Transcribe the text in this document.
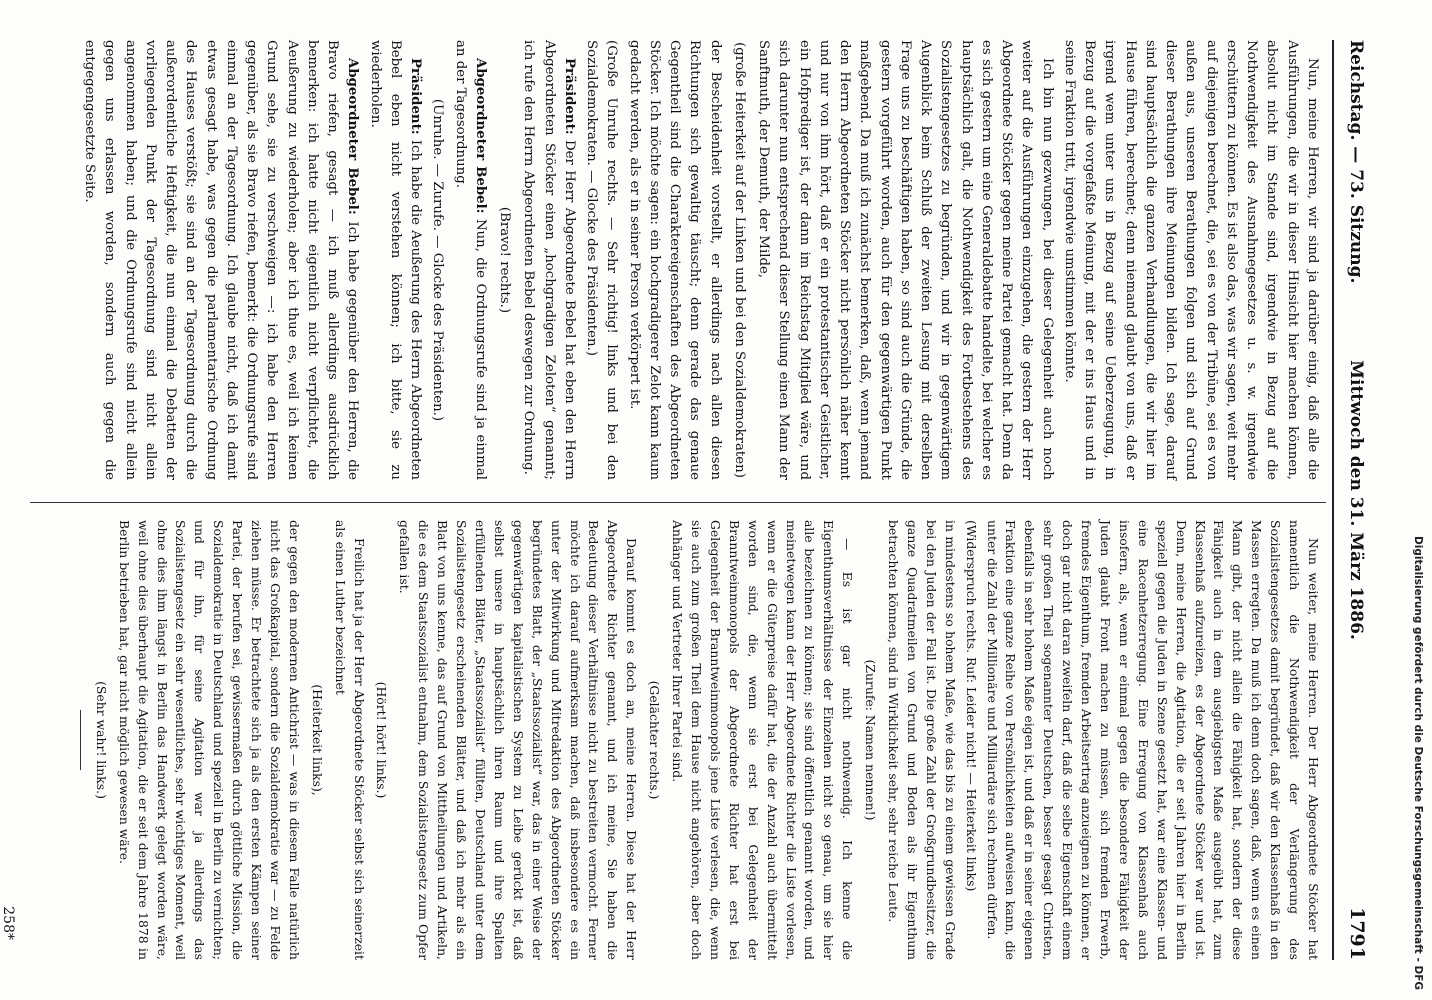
Reichstag. — 73. Sitzung.
Mittwoch den 31. März 1886.
1791

Nun, meine Herren, wir sind ja darüber einig, daß alle die Ausführungen, die wir in dieser Hinsicht hier machen können, absolut nicht im Stande sind, irgendwie in Bezug auf die Nothwendigkeit des Ausnahmegesetzes u. s. w. irgendwie erschüttern zu können. Es ist also das, was wir sagen, weit mehr auf diejenigen berechnet, die, sei es von der Tribüne, sei es von außen aus, unseren Berathungen folgen und sich auf Grund dieser Berathungen ihre Meinungen bilden. Ich sage, darauf sind hauptsächlich die ganzen Verhandlungen, die wir hier im Hause führen, berechnet; denn niemand glaubt von uns, daß er irgend wem unter uns in Bezug auf seine Ueberzeugung, in Bezug auf die vorgefaßte Meinung, mit der er ins Haus und in seine Fraktion tritt, irgendwie umstimmen könnte.

Ich bin nun gezwungen, bei dieser Gelegenheit auch noch weiter auf die Ausführungen einzugehen, die gestern der Herr Abgeordnete Stöcker gegen meine Partei gemacht hat. Denn da es sich gestern um eine Generaldebatte handelte, bei welcher es hauptsächlich galt, die Nothwendigkeit des Fortbestehens des Sozialistengesetzes zu begründen, und wir in gegenwärtigem Augenblick beim Schluß der zweiten Lesung mit derselben Frage uns zu beschäftigen haben, so sind auch die Gründe, die gestern vorgeführt worden, auch für den gegenwärtigen Punkt maßgebend. Da muß ich zunächst bemerken, daß, wenn jemand den Herrn Abgeordneten Stöcker nicht persönlich näher kennt und nur von ihm hört, daß er ein protestantischer Geistlicher, ein Hofprediger ist, der dann im Reichstag Mitglied wäre, und sich darunter nun entsprechend dieser Stellung einen Mann der Sanftmuth, der Demuth, der Milde,

(große Heiterkeit auf der Linken und bei den Sozialdemokraten)

der Bescheidenheit vorstellt, er allerdings nach allen diesen Richtungen sich gewaltig täuscht; denn gerade das genaue Gegentheil sind die Charaktereigenschaften des Abgeordneten Stöcker. Ich möchte sagen: ein hochgradigerer Zelot kann kaum gedacht werden, als er in seiner Person verkörpert ist.

(Große Unruhe rechts. — Sehr richtig! links und bei den Sozialdemokraten. — Glocke des Präsidenten.)

Präsident: Der Herr Abgeordnete Bebel hat eben den Herrn Abgeordneten Stöcker einen „hochgradigen Zeloten“ genannt; ich rufe den Herrn Abgeordneten Bebel deswegen zur Ordnung.

(Bravo! rechts.)

Abgeordneter Bebel: Nun, die Ordnungsrufe sind ja einmal an der Tagesordnung.

(Unruhe. — Zurufe. — Glocke des Präsidenten.)

Präsident: Ich habe die Aeußerung des Herrn Abgeordneten Bebel eben nicht verstehen können; ich bitte, sie zu wiederholen.

Abgeordneter Bebel: Ich habe gegenüber den Herren, die Bravo riefen, gesagt — ich muß allerdings ausdrücklich bemerken: ich hatte nicht eigentlich nicht verpflichtet, die Aeußerung zu wiederholen; aber ich thue es, weil ich keinen Grund sehe, sie zu verschweigen —: ich habe den Herren gegenüber, als sie Bravo riefen, bemerkt: die Ordnungsrufe sind einmal an der Tagesordnung. Ich glaube nicht, daß ich damit etwas gesagt habe, was gegen die parlamentarische Ordnung des Hauses verstößt; sie sind an der Tagesordnung durch die außerordentliche Heftigkeit, die nun einmal die Debatten der vorliegenden Punkt der Tagesordnung sind nicht allein angenommen haben; und die Ordnungsrufe sind nicht allein gegen uns erlassen worden, sondern auch gegen die entgegengesetzte Seite.

Nun weiter, meine Herren. Der Herr Abgeordnete Stöcker hat namentlich die Nothwendigkeit der Verlängerung des Sozialistengesetzes damit begründet, daß wir den Klassenhaß in den Massen erregten. Da muß ich denn doch sagen, daß, wenn es einen Mann gibt, der nicht allein die Fähigkeit hat, sondern der diese Fähigkeit auch in dem ausgiebigsten Maße ausgeübt hat, zum Klassenhaß aufzureizen, es der Abgeordnete Stöcker war und ist. Denn, meine Herren, die Agitation, die er seit Jahren hier in Berlin speziell gegen die Juden in Szene gesetzt hat, war eine Klassen- und eine Racenhetzerregung. Eine Erregung von Klassenhaß auch insofern, als, wenn er einmal gegen die besondere Fähigkeit der Juden glaubt Front machen zu müssen, sich fremden Erwerb, fremdes Eigenthum, fremden Arbeitsertrag anzueignen zu können, er doch gar nicht daran zweifeln darf, daß die selbe Eigenschaft einem sehr großen Theil sogenannter Deutschen, besser gesagt Christen, ebenfalls in sehr hohem Maße eigen ist, und daß er in seiner eigenen Fraktion eine ganze Reihe von Persönlichkeiten aufweisen kann, die unter die Zahl der Millionäre und Milliardäre sich rechnen dürfen.

(Widerspruch rechts. Ruf: Leider nicht! — Heiterkeit links)

in mindestens so hohem Maße, wie das bis zu einem gewissen Grade bei den Juden der Fall ist. Die große Zahl der Großgrundbesitzer, die ganze Quadratmeilen von Grund und Boden als ihr Eigenthum betrachten können, sind in Wirklichkeit sehr, sehr reiche Leute.

(Zurufe: Namen nennen!)

— Es ist gar nicht nothwendig. Ich kenne die Eigenthumsverhältnisse der Einzelnen nicht so genau, um sie hier alle bezeichnen zu können; sie sind öffentlich genannt worden, und meinetwegen kann der Herr Abgeordnete Richter die Liste vorlesen, wenn er die Güterpreise dafür hat, die der Anzahl auch übermittelt worden sind, die, wenn sie erst bei Gelegenheit der Branntweinmonopols der Abgeordnete Richter hat erst bei Gelegenheit der Branntweinmonopols jene Liste verlesen, die, wenn sie auch zum großen Theil dem Hause nicht angehören, aber doch Anhänger und Vertreter Ihrer Partei sind.

(Gelächter rechts.)

Darauf kommt es doch an, meine Herren. Diese hat der Herr Abgeordnete Richter genannt, und ich meine, Sie haben die Bedeutung dieser Verhältnisse nicht zu bestreiten vermocht. Ferner möchte ich darauf aufmerksam machen, daß insbesondere es ein unter der Mitwirkung und Mitredaktion des Abgeordneten Stöcker begründetes Blatt, der „Staatssozialist“ war, das in einer Weise der gegenwärtigen kapitalistischen System zu Leibe gerückt ist, daß selbst unsere in hauptsächlich ihren Raum und ihre Spalten erfüllenden Blätter, „Staatssozialist“ füllten, Deutschland unter dem Sozialistengesetz erscheinenden Blätter, und daß ich mehr als ein Blatt von uns kenne, das auf Grund von Mittheilungen und Artikeln, die es dem Staatssozialist entnahm, dem Sozialistengesetz zum Opfer gefallen ist.

(Hört! hört! links.)

Freilich hat ja der Herr Abgeordnete Stöcker selbst sich seinerzeit als einen Luther bezeichnet

(Heiterkeit links),

der gegen den modernen Antichrist — was in diesem Falle natürlich nicht das Großkapital, sondern die Sozialdemokratie war — zu Felde ziehen müsse. Er betrachtete sich ja als den ersten Kämpen seiner Partei, der berufen sei, gewissermaßen durch göttliche Mission, die Sozialdemokratie in Deutschland und speziell in Berlin zu vernichten; und für ihn, für seine Agitation war ja allerdings das Sozialistengesetz ein sehr wesentliches, sehr wichtiges Moment, weil ohne dies ihm längst in Berlin das Handwerk gelegt worden wäre, weil ohne dies überhaupt die Agitation, die er seit dem Jahre 1878 in Berlin betrieben hat, gar nicht möglich gewesen wäre.

(Sehr wahr! links.)

258*	Digitalisierung gefördert durch die Deutsche Forschungsgemeinschaft - DFG
